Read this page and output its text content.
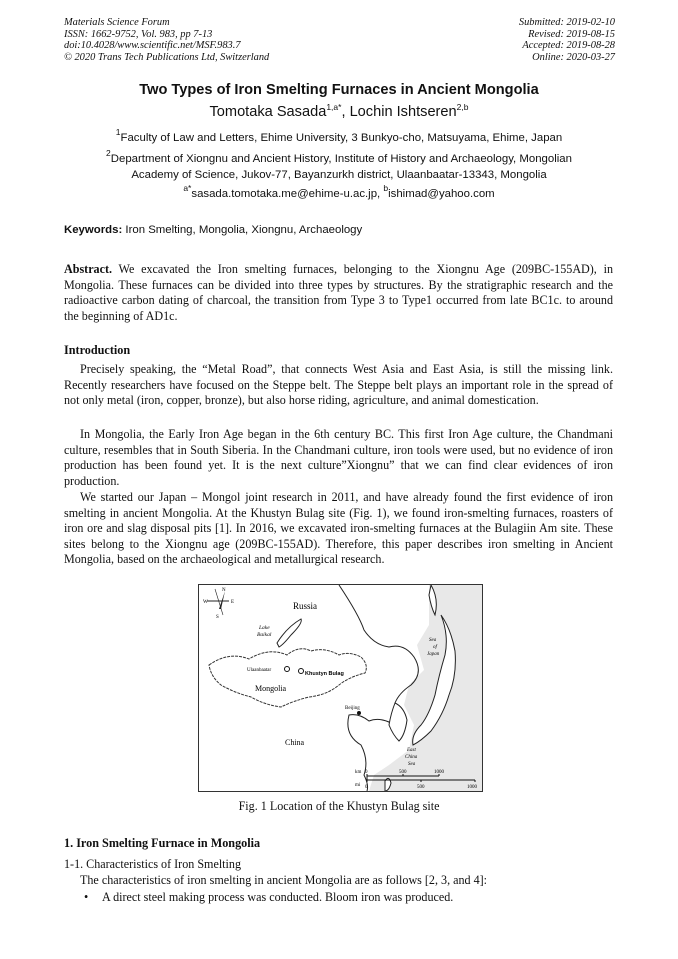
Materials Science Forum
ISSN: 1662-9752, Vol. 983, pp 7-13
doi:10.4028/www.scientific.net/MSF.983.7
© 2020 Trans Tech Publications Ltd, Switzerland
Submitted: 2019-02-10
Revised: 2019-08-15
Accepted: 2019-08-28
Online: 2020-03-27
Two Types of Iron Smelting Furnaces in Ancient Mongolia
Tomotaka Sasada$^{1,a*}$, Lochin Ishtseren$^{2,b}$
$^1$Faculty of Law and Letters, Ehime University, 3 Bunkyo-cho, Matsuyama, Ehime, Japan
$^2$Department of Xiongnu and Ancient History, Institute of History and Archaeology, Mongolian
Academy of Science, Jukov-77, Bayanzurkh district, Ulaanbaatar-13343, Mongolia
$^{a*}$sasada.tomotaka.me@ehime-u.ac.jp, $^b$ishimad@yahoo.com
Keywords: Iron Smelting, Mongolia, Xiongnu, Archaeology

Abstract. We excavated the Iron smelting furnaces, belonging to the Xiongnu Age (209BC-155AD), in Mongolia. These furnaces can be divided into three types by structures. By the stratigraphic research and the radioactive carbon dating of charcoal, the transition from Type 3 to Type1 occurred from late BC1c. to around the beginning of AD1c.

Introduction

Precisely speaking, the “Metal Road”, that connects West Asia and East Asia, is still the missing link. Recently researchers have focused on the Steppe belt. The Steppe belt plays an important role in the spread of not only metal (iron, copper, bronze), but also horse riding, agriculture, and animal domestication.

In Mongolia, the Early Iron Age began in the 6th century BC. This first Iron Age culture, the Chandmani culture, resembles that in South Siberia. In the Chandmani culture, iron tools were used, but no evidence of iron production has been found yet. It is the next culture”Xiongnu” that we can find clear evidences of iron production.

We started our Japan – Mongol joint research in 2011, and have already found the first evidence of iron smelting in ancient Mongolia. At the Khustyn Bulag site (Fig. 1), we found iron-smelting furnaces, roasters of iron ore and slag disposal pits [1]. In 2016, we excavated iron-smelting furnaces at the Bulagiin Am site. These sites belong to the Xiongnu age (209BC-155AD). Therefore, this paper describes iron smelting in Ancient Mongolia, based on the archaeological and metallurgical research.

N
S
E
W	Russia
Lake
Baikal
Ulaanbaatar
Khustyn Bulag
Mongolia
China
Beijing
Sea
of
Japan
East
China
Sea
km
mi
0	500	1000
0	500	1000
Fig. 1 Location of the Khustyn Bulag site
1. Iron Smelting Furnace in Mongolia
1-1. Characteristics of Iron Smelting
The characteristics of iron smelting in ancient Mongolia are as follows [2, 3, and 4]:
• A direct steel making process was conducted. Bloom iron was produced.
